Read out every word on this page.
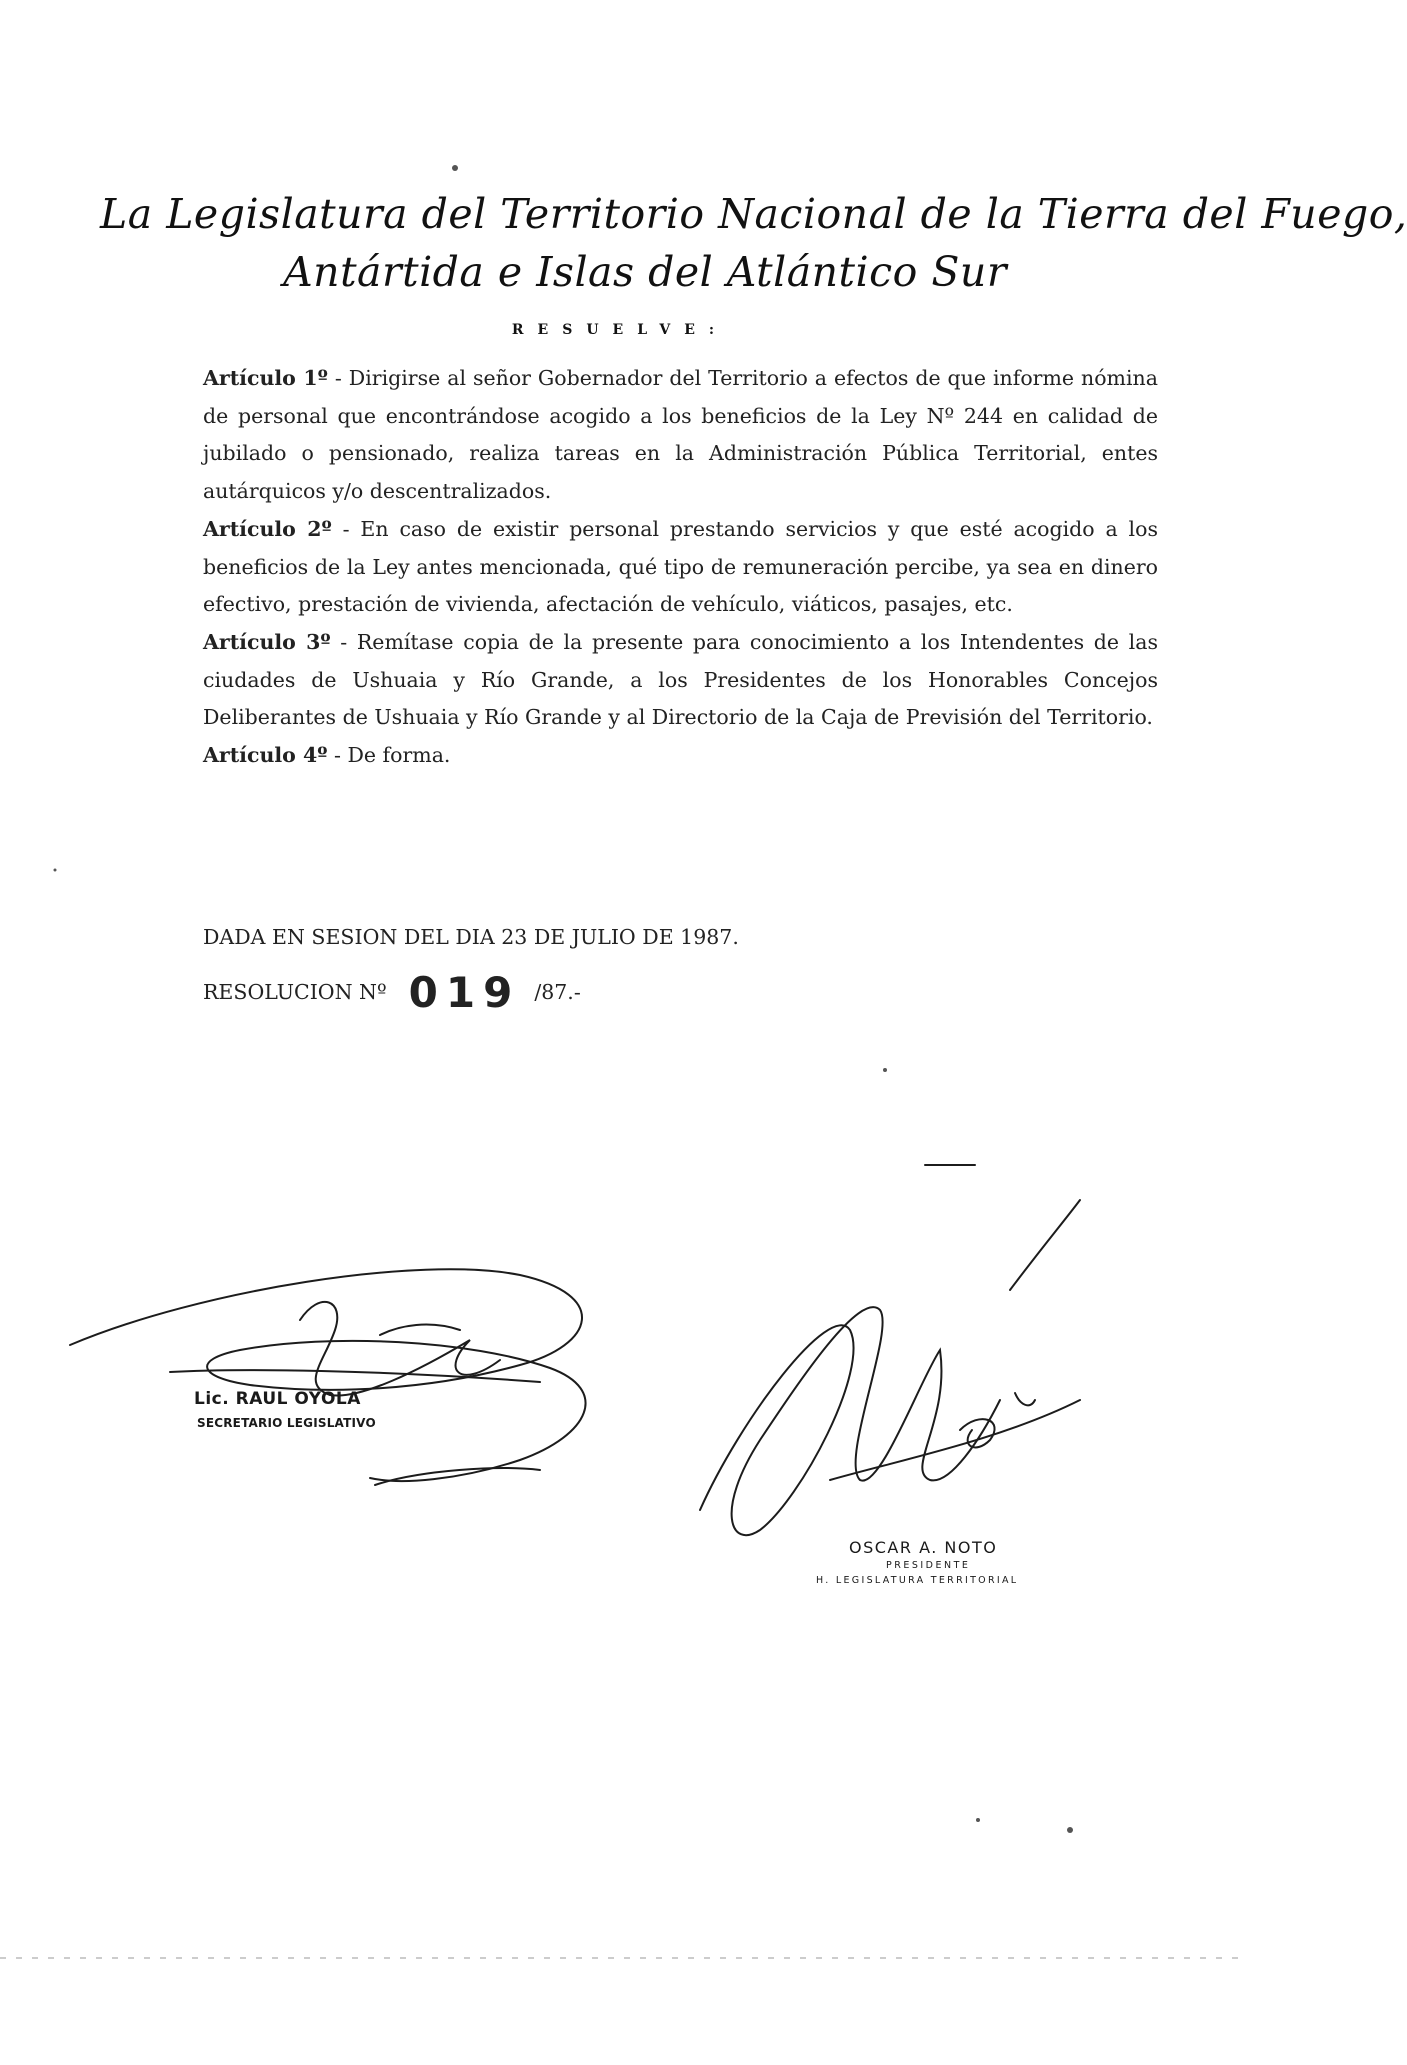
La Legislatura del Territorio Nacional de la Tierra del Fuego,
Antártida e Islas del Atlántico Sur
RESUELVE:

Artículo 1º - Dirigirse al señor Gobernador del Territorio a efectos de que informe nómina de personal que encontrándose acogido a los beneficios de la Ley Nº 244 en calidad de jubilado o pensionado, realiza tareas en la Administración Pública Territorial, entes autárquicos y/o descentralizados.

Artículo 2º - En caso de existir personal prestando servicios y que esté acogido a los beneficios de la Ley antes mencionada, qué tipo de remuneración percibe, ya sea en dinero efectivo, prestación de vivienda, afectación de vehículo, viáticos, pasajes, etc.

Artículo 3º - Remítase copia de la presente para conocimiento a los Intendentes de las ciudades de Ushuaia y Río Grande, a los Presidentes de los Honorables Concejos Deliberantes de Ushuaia y Río Grande y al Directorio de la Caja de Previsión del Territorio.

Artículo 4º - De forma.

DADA EN SESION DEL DIA 23 DE JULIO DE 1987.
RESOLUCION Nº 019 /87.-
Lic. RAUL OYOLA
SECRETARIO LEGISLATIVO
OSCAR A. NOTO
PRESIDENTE
H. LEGISLATURA TERRITORIAL
